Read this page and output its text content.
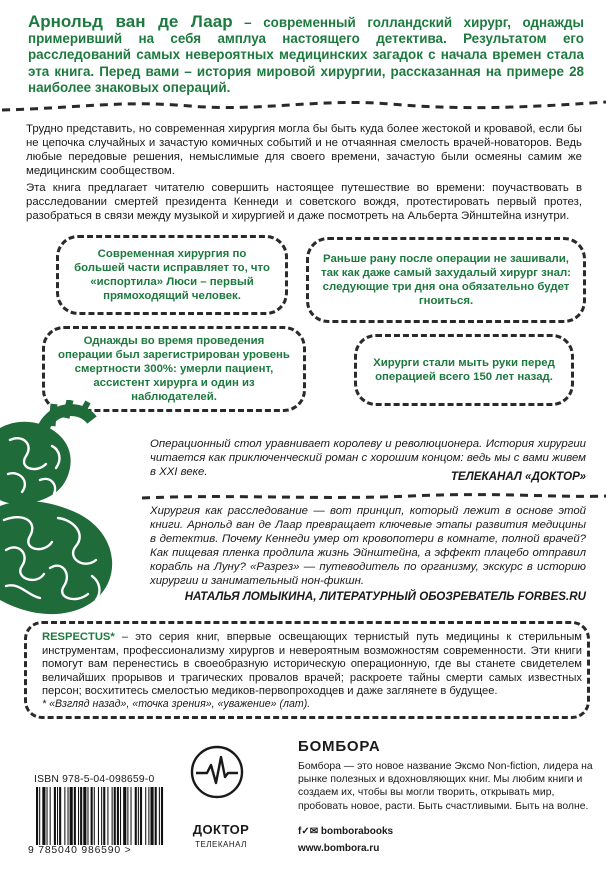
Арнольд ван де Лаар – современный голландский хирург, однажды примеривший на себя амплуа настоящего детектива. Результатом его расследований самых невероятных медицинских загадок с начала времен стала эта книга. Перед вами – история мировой хирургии, рассказанная на примере 28 наиболее знаковых операций.
Трудно представить, но современная хирургия могла бы быть куда более жестокой и кровавой, если бы не цепочка случайных и зачастую комичных событий и не отчаянная смелость врачей-новаторов. Ведь любые передовые решения, немыслимые для своего времени, зачастую были осмеяны самим же медицинским сообществом.
Эта книга предлагает читателю совершить настоящее путешествие во времени: поучаствовать в расследовании смертей президента Кеннеди и советского вождя, протестировать первый протез, разобраться в связи между музыкой и хирургией и даже посмотреть на Альберта Эйнштейна изнутри.
Современная хирургия по большей части исправляет то, что «испортила» Люси – первый прямоходящий человек.
Раньше рану после операции не зашивали, так как даже самый захудалый хирург знал: следующие три дня она обязательно будет гноиться.
Однажды во время проведения операции был зарегистрирован уровень смертности 300%: умерли пациент, ассистент хирурга и один из наблюдателей.
Хирурги стали мыть руки перед операцией всего 150 лет назад.
Операционный стол уравнивает королеву и революционера. История хирургии читается как приключенческий роман с хорошим концом: ведь мы с вами живем в XXI веке.	ТЕЛЕКАНАЛ «ДОКТОР»
Хирургия как расследование — вот принцип, который лежит в основе этой книги. Арнольд ван де Лаар превращает ключевые этапы развития медицины в детектив. Почему Кеннеди умер от кровопотери в комнате, полной врачей? Как пищевая пленка продлила жизнь Эйнштейна, а эффект плацебо отправил корабль на Луну? «Разрез» — путеводитель по организму, экскурс в историю хирургии и занимательный нон-фикшн.
НАТАЛЬЯ ЛОМЫКИНА, ЛИТЕРАТУРНЫЙ ОБОЗРЕВАТЕЛЬ FORBES.RU
RESPECTUS* – это серия книг, впервые освещающих тернистый путь медицины к стерильным инструментам, профессионализму хирургов и невероятным возможностям современности. Эти книги помогут вам перенестись в своеобразную историческую операционную, где вы станете свидетелем величайших прорывов и трагических провалов врачей; раскроете тайны смерти самых известных персон; восхититесь смелостью медиков-первопроходцев и даже заглянете в будущее.
* «Взгляд назад», «точка зрения», «уважение» (лат).
ISBN 978-5-04-098659-0
9 785040 986590 >
ДОКТОР
ТЕЛЕКАНАЛ
БОМБОРА
Бомбора — это новое название Эксмо Non-fiction, лидера на рынке полезных и вдохновляющих книг. Мы любим книги и создаем их, чтобы вы могли творить, открывать мир, пробовать новое, расти. Быть счастливыми. Быть на волне.
f✓✉ bomborabooks
www.bombora.ru
